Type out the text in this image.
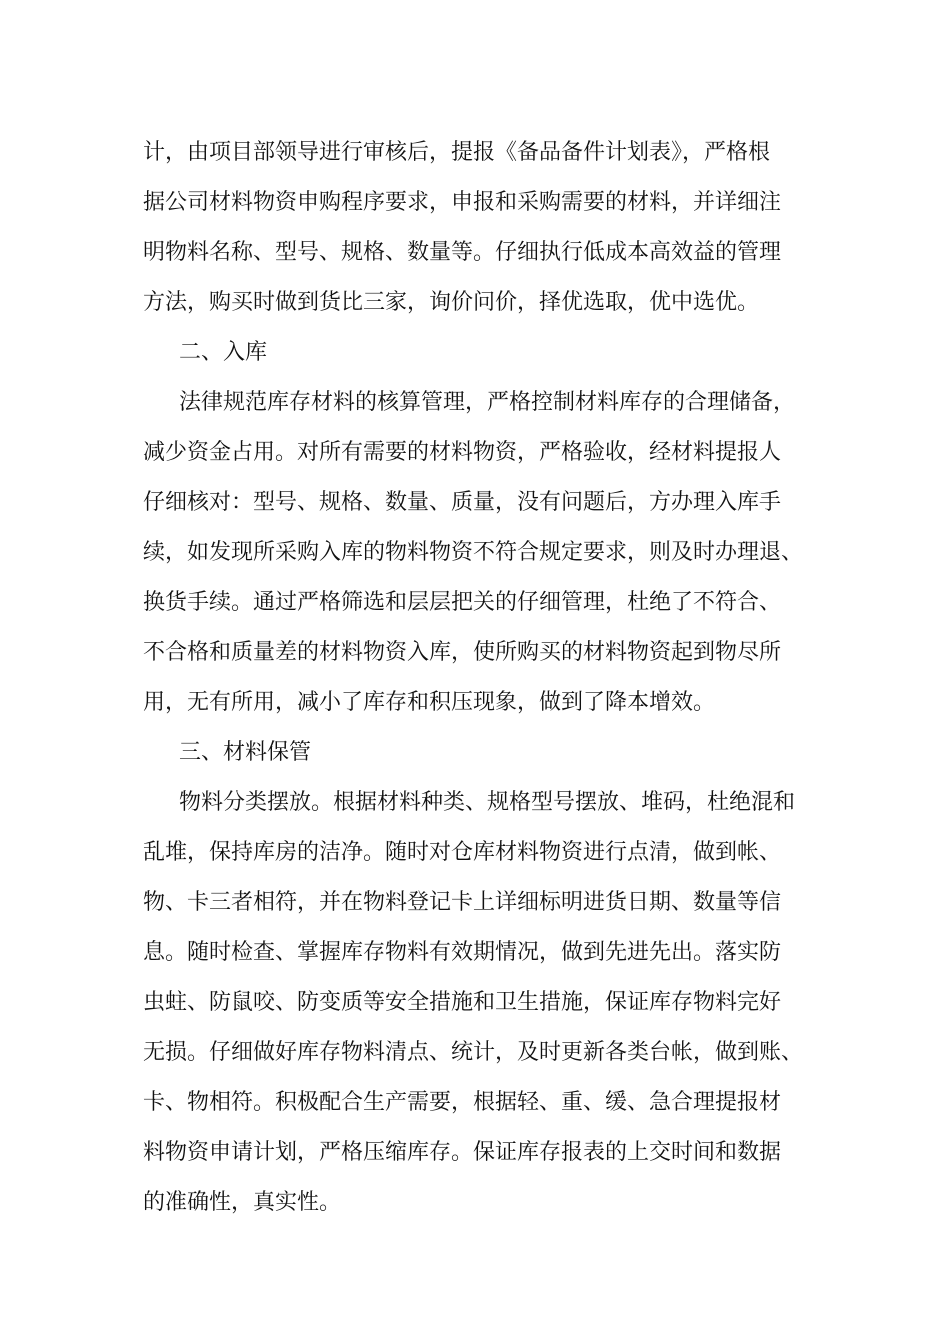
计，由项目部领导进行审核后，提报《备品备件计划表》，严格根
据公司材料物资申购程序要求，申报和采购需要的材料，并详细注
明物料名称、型号、规格、数量等。仔细执行低成本高效益的管理
方法，购买时做到货比三家，询价问价，择优选取，优中选优。
二、入库
法律规范库存材料的核算管理，严格控制材料库存的合理储备，
减少资金占用。对所有需要的材料物资，严格验收，经材料提报人
仔细核对：型号、规格、数量、质量，没有问题后，方办理入库手
续，如发现所采购入库的物料物资不符合规定要求，则及时办理退、
换货手续。通过严格筛选和层层把关的仔细管理，杜绝了不符合、
不合格和质量差的材料物资入库，使所购买的材料物资起到物尽所
用，无有所用，减小了库存和积压现象，做到了降本增效。
三、材料保管
物料分类摆放。根据材料种类、规格型号摆放、堆码，杜绝混和
乱堆，保持库房的洁净。随时对仓库材料物资进行点清，做到帐、
物、卡三者相符，并在物料登记卡上详细标明进货日期、数量等信
息。随时检查、掌握库存物料有效期情况，做到先进先出。落实防
虫蛀、防鼠咬、防变质等安全措施和卫生措施，保证库存物料完好
无损。仔细做好库存物料清点、统计，及时更新各类台帐，做到账、
卡、物相符。积极配合生产需要，根据轻、重、缓、急合理提报材
料物资申请计划，严格压缩库存。保证库存报表的上交时间和数据
的准确性，真实性。
